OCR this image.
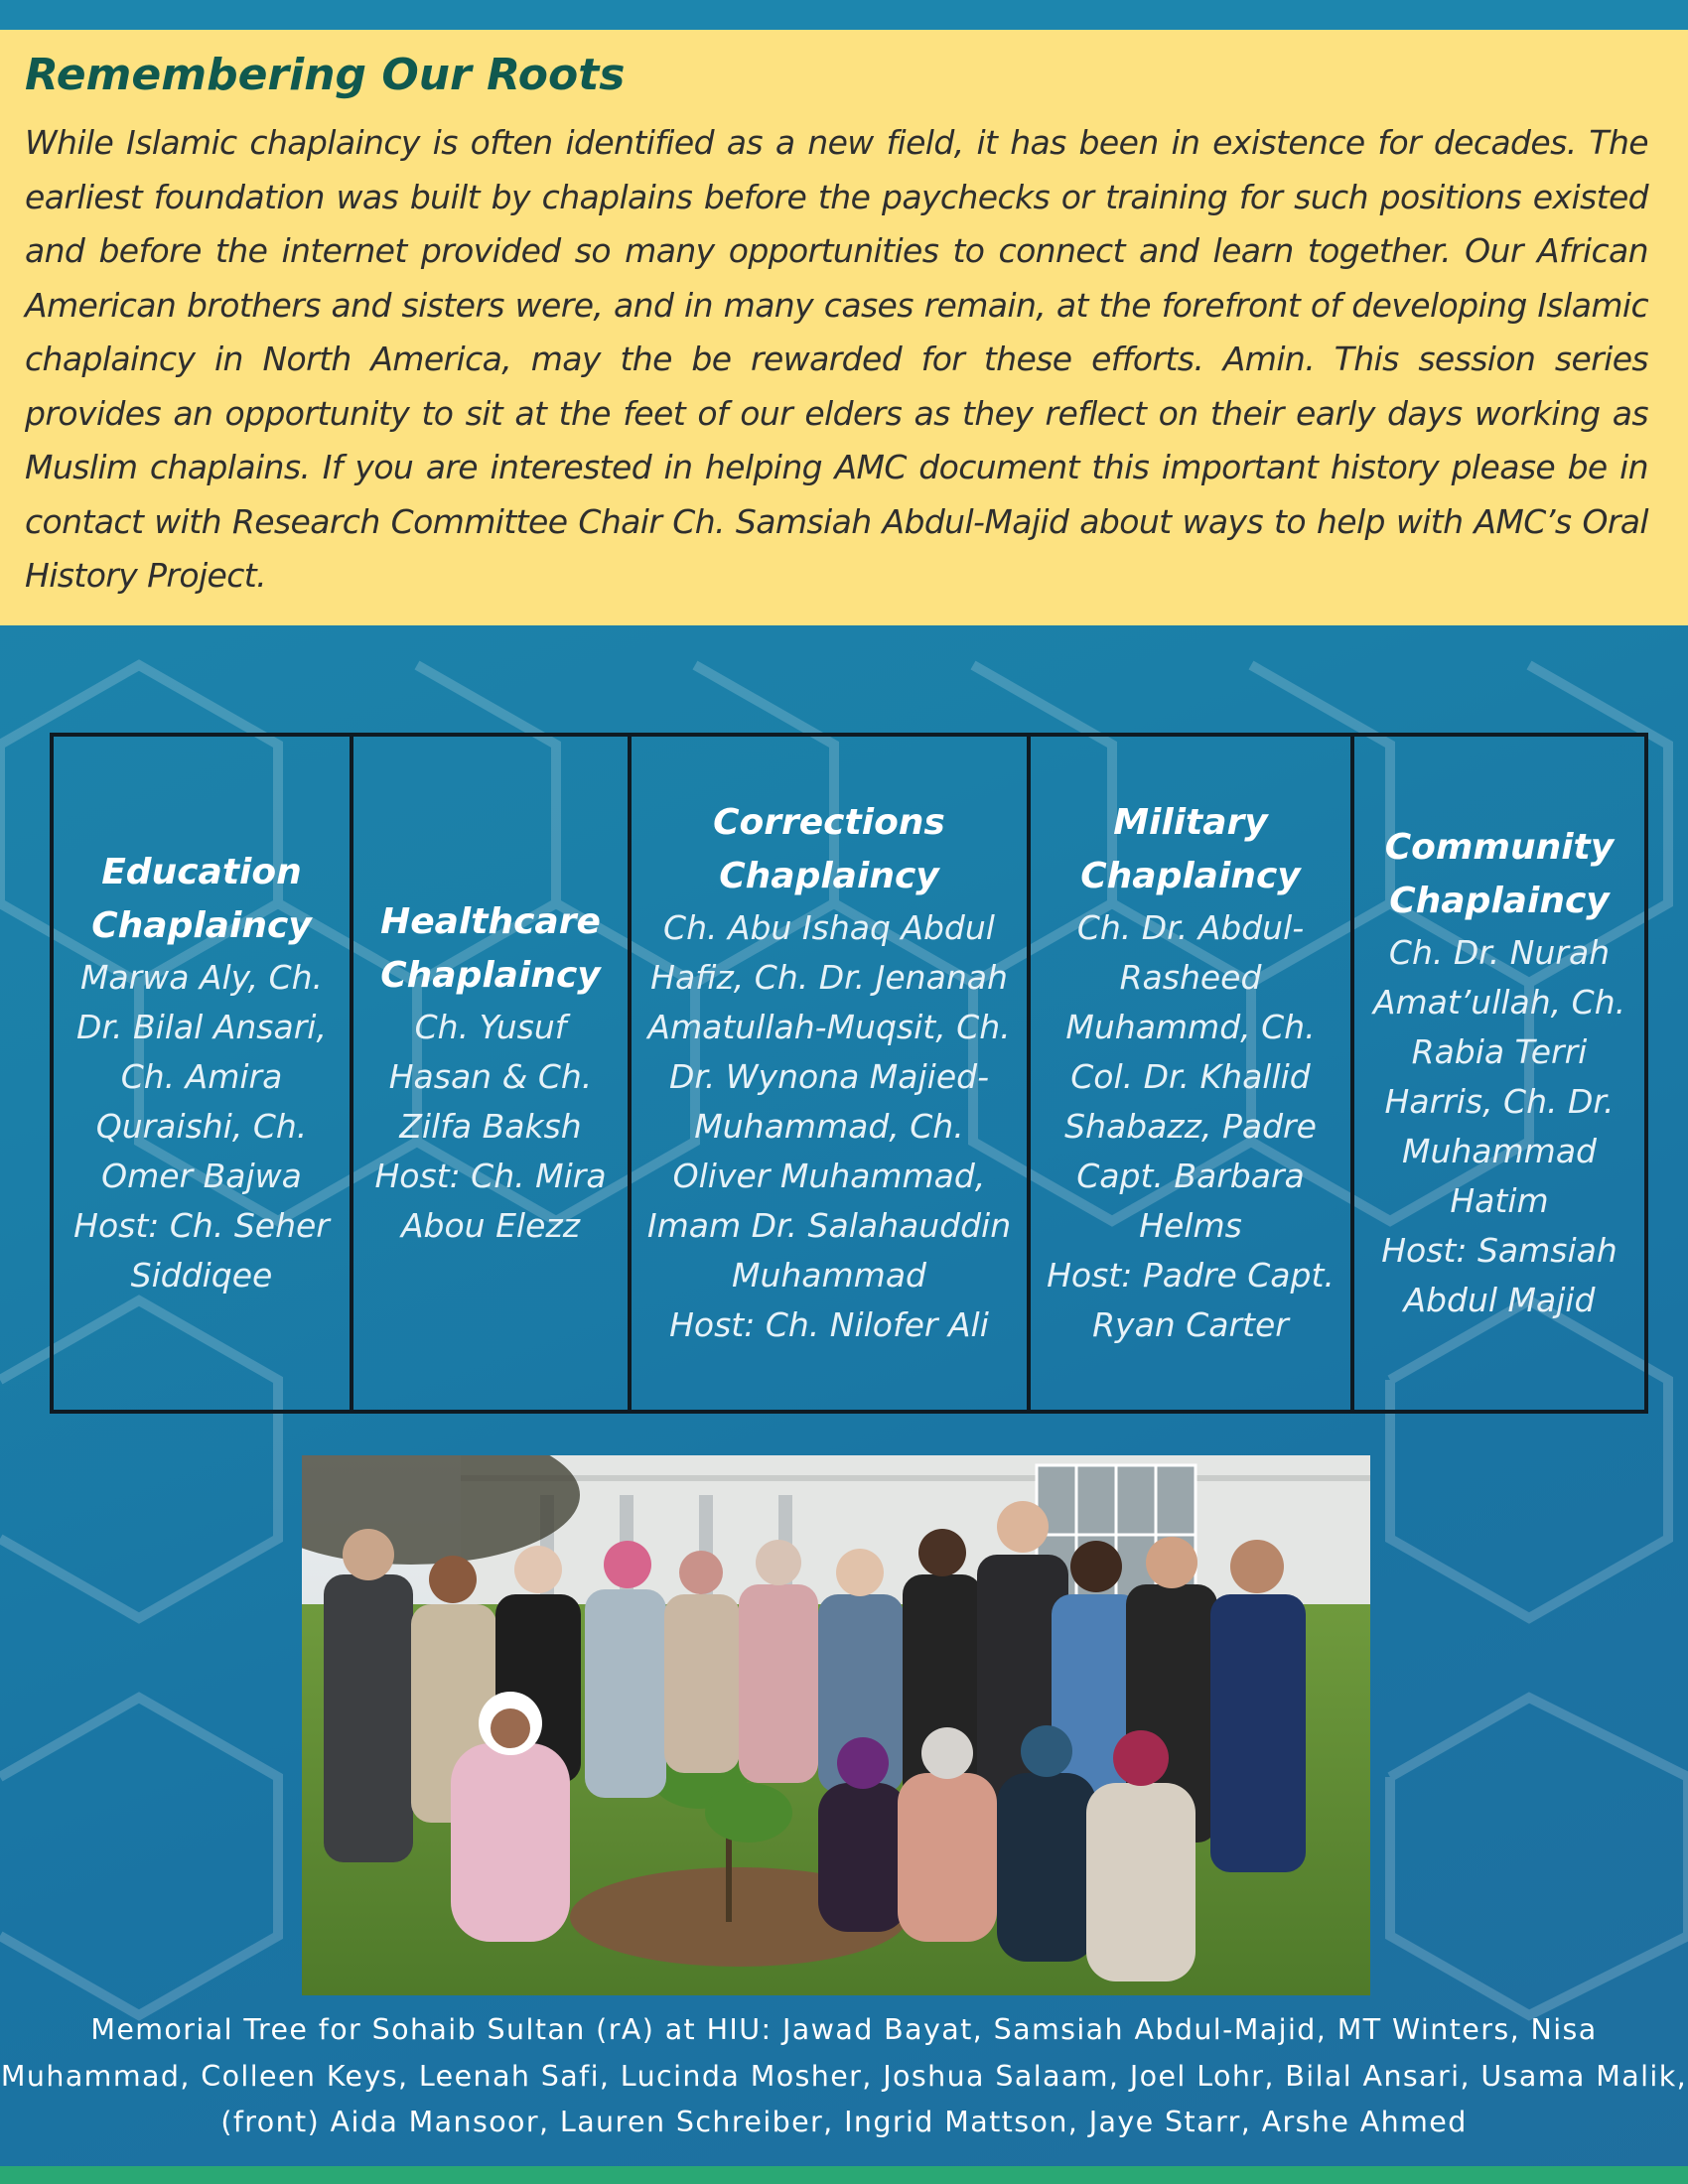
Remembering Our Roots

While Islamic chaplaincy is often identified as a new field, it has been in existence for decades. The earliest foundation was built by chaplains before the paychecks or training for such positions existed and before the internet provided so many opportunities to connect and learn together. Our African American brothers and sisters were, and in many cases remain, at the forefront of developing Islamic chaplaincy in North America, may the be rewarded for these efforts. Amin. This session series provides an opportunity to sit at the feet of our elders as they reflect on their early days working as Muslim chaplains. If you are interested in helping AMC document this important history please be in contact with Research Committee Chair Ch. Samsiah Abdul-Majid about ways to help with AMC’s Oral History Project.

Education Chaplaincy

Marwa Aly, Ch. Dr. Bilal Ansari, Ch. Amira Quraishi, Ch. Omer Bajwa

Host: Ch. Seher Siddiqee

Healthcare Chaplaincy

Ch. Yusuf Hasan & Ch. Zilfa Baksh

Host: Ch. Mira Abou Elezz

Corrections Chaplaincy

Ch. Abu Ishaq Abdul Hafiz, Ch. Dr. Jenanah Amatullah-Muqsit, Ch. Dr. Wynona Majied-Muhammad, Ch. Oliver Muhammad, Imam Dr. Salahauddin Muhammad

Host: Ch. Nilofer Ali

Military Chaplaincy

Ch. Dr. Abdul-Rasheed Muhammd, Ch. Col. Dr. Khallid Shabazz, Padre Capt. Barbara Helms

Host: Padre Capt. Ryan Carter

Community Chaplaincy

Ch. Dr. Nurah Amat’ullah, Ch. Rabia Terri Harris, Ch. Dr. Muhammad Hatim

Host: Samsiah Abdul Majid

Memorial Tree for Sohaib Sultan (rA) at HIU: Jawad Bayat, Samsiah Abdul-Majid, MT Winters, Nisa Muhammad, Colleen Keys, Leenah Safi, Lucinda Mosher, Joshua Salaam, Joel Lohr, Bilal Ansari, Usama Malik, (front) Aida Mansoor, Lauren Schreiber, Ingrid Mattson, Jaye Starr, Arshe Ahmed
